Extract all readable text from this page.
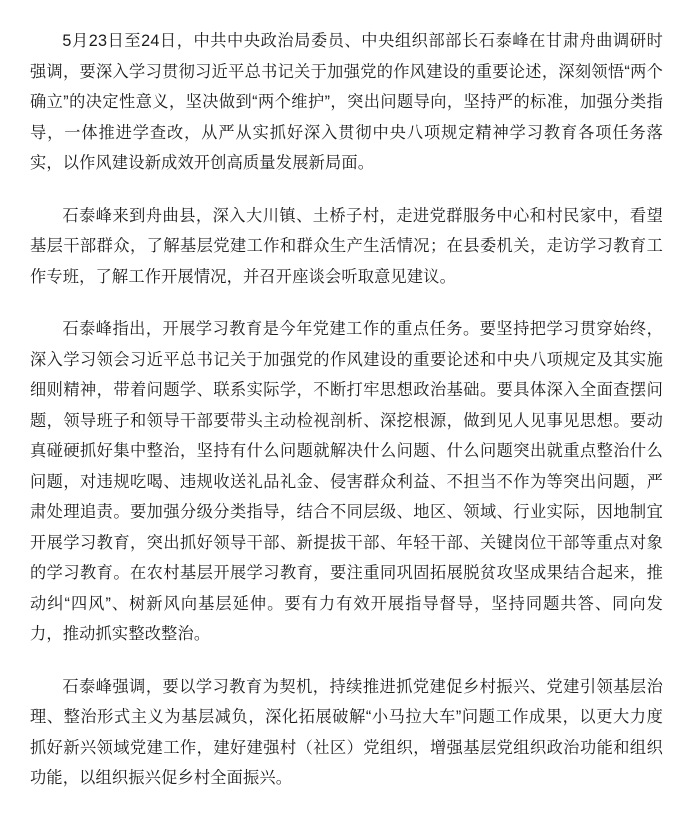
5月23日至24日，中共中央政治局委员、中央组织部部长石泰峰在甘肃舟曲调研时强调，要深入学习贯彻习近平总书记关于加强党的作风建设的重要论述，深刻领悟“两个确立”的决定性意义，坚决做到“两个维护”，突出问题导向，坚持严的标准，加强分类指导，一体推进学查改，从严从实抓好深入贯彻中央八项规定精神学习教育各项任务落实，以作风建设新成效开创高质量发展新局面。

石泰峰来到舟曲县，深入大川镇、土桥子村，走进党群服务中心和村民家中，看望基层干部群众，了解基层党建工作和群众生产生活情况；在县委机关，走访学习教育工作专班，了解工作开展情况，并召开座谈会听取意见建议。

石泰峰指出，开展学习教育是今年党建工作的重点任务。要坚持把学习贯穿始终，深入学习领会习近平总书记关于加强党的作风建设的重要论述和中央八项规定及其实施细则精神，带着问题学、联系实际学，不断打牢思想政治基础。要具体深入全面查摆问题，领导班子和领导干部要带头主动检视剖析、深挖根源，做到见人见事见思想。要动真碰硬抓好集中整治，坚持有什么问题就解决什么问题、什么问题突出就重点整治什么问题，对违规吃喝、违规收送礼品礼金、侵害群众利益、不担当不作为等突出问题，严肃处理追责。要加强分级分类指导，结合不同层级、地区、领域、行业实际，因地制宜开展学习教育，突出抓好领导干部、新提拔干部、年轻干部、关键岗位干部等重点对象的学习教育。在农村基层开展学习教育，要注重同巩固拓展脱贫攻坚成果结合起来，推动纠“四风”、树新风向基层延伸。要有力有效开展指导督导，坚持同题共答、同向发力，推动抓实整改整治。

石泰峰强调，要以学习教育为契机，持续推进抓党建促乡村振兴、党建引领基层治理、整治形式主义为基层减负，深化拓展破解“小马拉大车”问题工作成果，以更大力度抓好新兴领域党建工作，建好建强村（社区）党组织，增强基层党组织政治功能和组织功能，以组织振兴促乡村全面振兴。
